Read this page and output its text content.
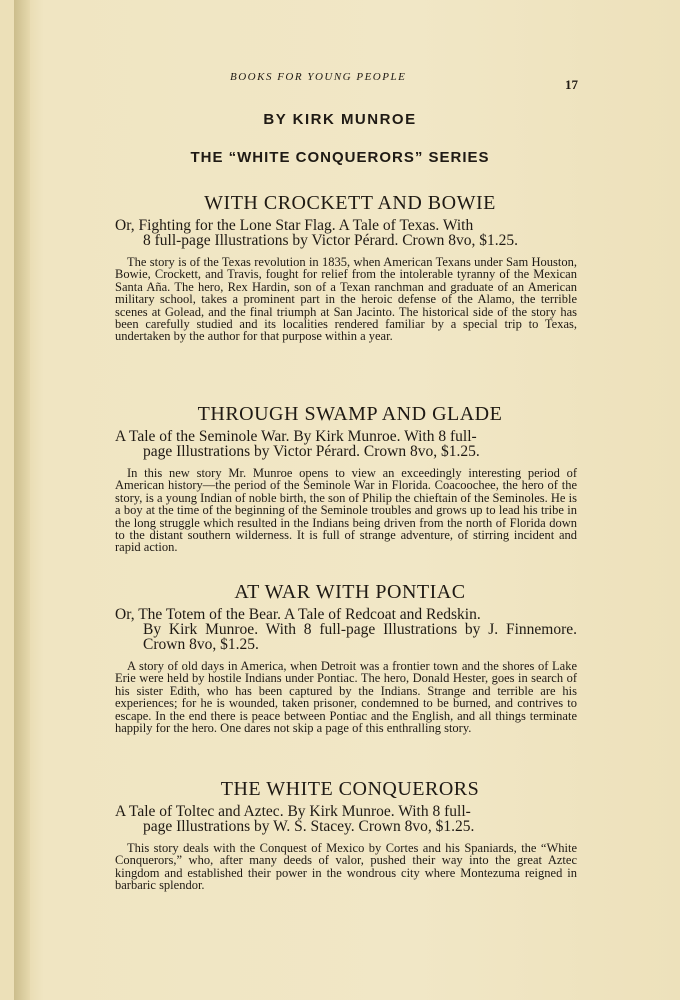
BOOKS FOR YOUNG PEOPLE	17
BY KIRK MUNROE
THE “WHITE CONQUERORS” SERIES
WITH CROCKETT AND BOWIE
Or, Fighting for the Lone Star Flag. A Tale of Texas. With
8 full-page Illustrations by Victor Pérard. Crown 8vo, $1.25.
The story is of the Texas revolution in 1835, when American Texans under Sam Houston, Bowie, Crockett, and Travis, fought for relief from the intolerable tyranny of the Mexican Santa Aña. The hero, Rex Hardin, son of a Texan ranchman and graduate of an American military school, takes a prominent part in the heroic defense of the Alamo, the terrible scenes at Golead, and the final triumph at San Jacinto. The historical side of the story has been carefully studied and its localities rendered familiar by a special trip to Texas, undertaken by the author for that purpose within a year.
THROUGH SWAMP AND GLADE
A Tale of the Seminole War. By Kirk Munroe. With 8 full-
page Illustrations by Victor Pérard. Crown 8vo, $1.25.
In this new story Mr. Munroe opens to view an exceedingly interesting period of American history—the period of the Seminole War in Florida. Coacoochee, the hero of the story, is a young Indian of noble birth, the son of Philip the chieftain of the Seminoles. He is a boy at the time of the beginning of the Seminole troubles and grows up to lead his tribe in the long struggle which resulted in the Indians being driven from the north of Florida down to the distant southern wilderness. It is full of strange adventure, of stirring incident and rapid action.
AT WAR WITH PONTIAC
Or, The Totem of the Bear. A Tale of Redcoat and Redskin.
By Kirk Munroe. With 8 full-page Illustrations by J. Finnemore. Crown 8vo, $1.25.
A story of old days in America, when Detroit was a frontier town and the shores of Lake Erie were held by hostile Indians under Pontiac. The hero, Donald Hester, goes in search of his sister Edith, who has been captured by the Indians. Strange and terrible are his experiences; for he is wounded, taken prisoner, condemned to be burned, and contrives to escape. In the end there is peace between Pontiac and the English, and all things terminate happily for the hero. One dares not skip a page of this enthralling story.
THE WHITE CONQUERORS
A Tale of Toltec and Aztec. By Kirk Munroe. With 8 full-
page Illustrations by W. S. Stacey. Crown 8vo, $1.25.
This story deals with the Conquest of Mexico by Cortes and his Spaniards, the “White Conquerors,” who, after many deeds of valor, pushed their way into the great Aztec kingdom and established their power in the wondrous city where Montezuma reigned in barbaric splendor.
